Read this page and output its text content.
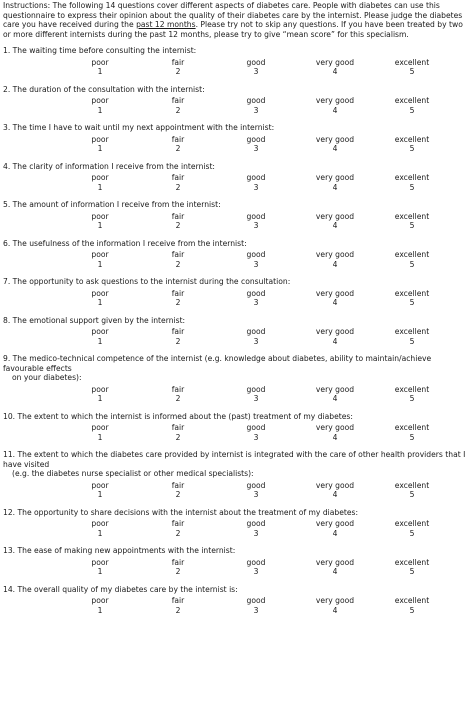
Instructions: The following 14 questions cover different aspects of diabetes care. People with diabetes can use this questionnaire to express their opinion about the quality of their diabetes care by the internist. Please judge the diabetes care you have received during the past 12 months. Please try not to skip any questions. If you have been treated by two or more different internists during the past 12 months, please try to give “mean score” for this specialism.

1. The waiting time before consulting the internist:
poor
1
fair
2
good
3
very good
4
excellent
5
2. The duration of the consultation with the internist:
poor
1
fair
2
good
3
very good
4
excellent
5
3. The time I have to wait until my next appointment with the internist:
poor
1
fair
2
good
3
very good
4
excellent
5
4. The clarity of information I receive from the internist:
poor
1
fair
2
good
3
very good
4
excellent
5
5. The amount of information I receive from the internist:
poor
1
fair
2
good
3
very good
4
excellent
5
6. The usefulness of the information I receive from the internist:
poor
1
fair
2
good
3
very good
4
excellent
5
7. The opportunity to ask questions to the internist during the consultation:
poor
1
fair
2
good
3
very good
4
excellent
5
8. The emotional support given by the internist:
poor
1
fair
2
good
3
very good
4
excellent
5
9. The medico-technical competence of the internist (e.g. knowledge about diabetes, ability to maintain/achieve favourable effects
on your diabetes):
poor
1
fair
2
good
3
very good
4
excellent
5
10. The extent to which the internist is informed about the (past) treatment of my diabetes:
poor
1
fair
2
good
3
very good
4
excellent
5
11. The extent to which the diabetes care provided by internist is integrated with the care of other health providers that I have visited
(e.g. the diabetes nurse specialist or other medical specialists):
poor
1
fair
2
good
3
very good
4
excellent
5
12. The opportunity to share decisions with the internist about the treatment of my diabetes:
poor
1
fair
2
good
3
very good
4
excellent
5
13. The ease of making new appointments with the internist:
poor
1
fair
2
good
3
very good
4
excellent
5
14. The overall quality of my diabetes care by the internist is:
poor
1
fair
2
good
3
very good
4
excellent
5
